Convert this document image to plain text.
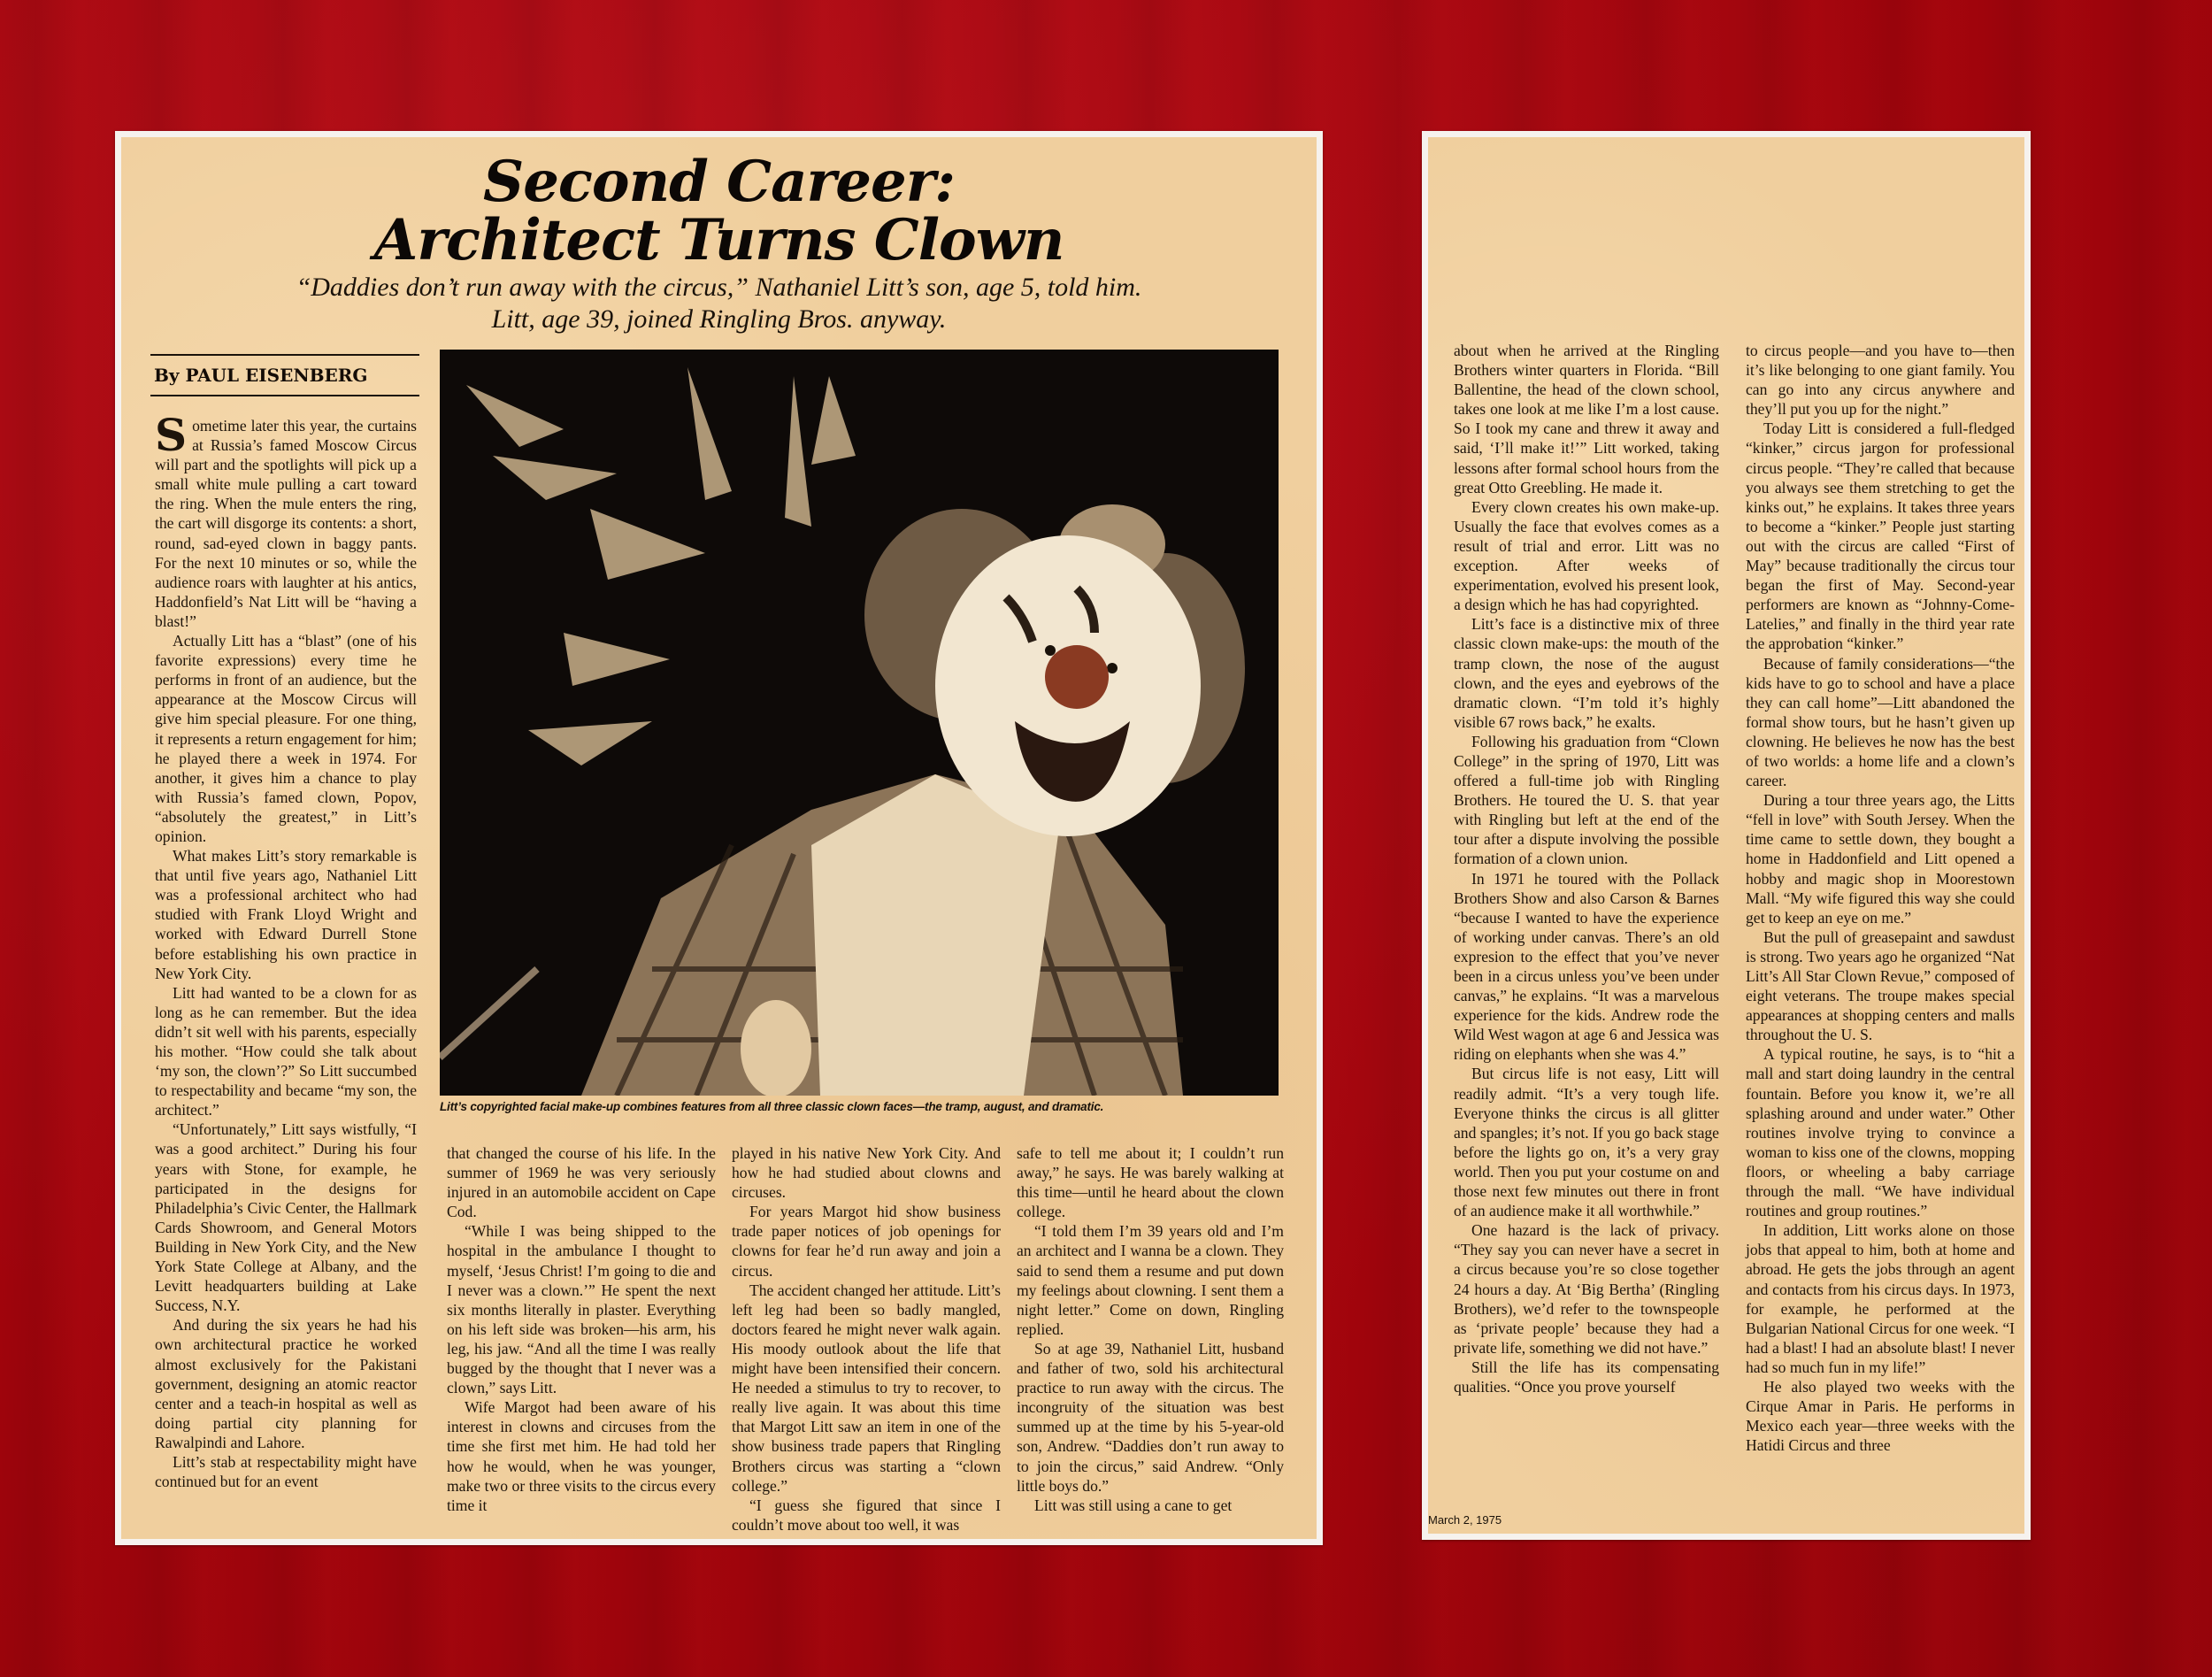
Second Career:
Architect Turns Clown
“Daddies don’t run away with the circus,” Nathaniel Litt’s son, age 5, told him.
Litt, age 39, joined Ringling Bros. anyway.
By PAUL EISENBERG

Sometime later this year, the curtains at Russia’s famed Moscow Circus will part and the spotlights will pick up a small white mule pulling a cart toward the ring. When the mule enters the ring, the cart will disgorge its contents: a short, round, sad-eyed clown in baggy pants. For the next 10 minutes or so, while the audience roars with laughter at his antics, Haddonfield’s Nat Litt will be “having a blast!”

Actually Litt has a “blast” (one of his favorite expressions) every time he performs in front of an audience, but the appearance at the Moscow Circus will give him special pleasure. For one thing, it represents a return engagement for him; he played there a week in 1974. For another, it gives him a chance to play with Russia’s famed clown, Popov, “absolutely the greatest,” in Litt’s opinion.

What makes Litt’s story remarkable is that until five years ago, Nathaniel Litt was a professional architect who had studied with Frank Lloyd Wright and worked with Edward Durrell Stone before establishing his own practice in New York City.

Litt had wanted to be a clown for as long as he can remember. But the idea didn’t sit well with his parents, especially his mother. “How could she talk about ‘my son, the clown’?” So Litt succumbed to respectability and became “my son, the architect.”

“Unfortunately,” Litt says wistfully, “I was a good architect.” During his four years with Stone, for example, he participated in the designs for Philadelphia’s Civic Center, the Hallmark Cards Showroom, and General Motors Building in New York City, and the New York State College at Albany, and the Levitt headquarters building at Lake Success, N.Y.

And during the six years he had his own architectural practice he worked almost exclusively for the Pakistani government, designing an atomic reactor center and a teach-in hospital as well as doing partial city planning for Rawalpindi and Lahore.

Litt’s stab at respectability might have continued but for an event

Litt’s copyrighted facial make-up combines features from all three classic clown faces—the tramp, august, and dramatic.

that changed the course of his life. In the summer of 1969 he was very seriously injured in an automobile accident on Cape Cod.

“While I was being shipped to the hospital in the ambulance I thought to myself, ‘Jesus Christ! I’m going to die and I never was a clown.’” He spent the next six months literally in plaster. Everything on his left side was broken—his arm, his leg, his jaw. “And all the time I was really bugged by the thought that I never was a clown,” says Litt.

Wife Margot had been aware of his interest in clowns and circuses from the time she first met him. He had told her how he would, when he was younger, make two or three visits to the circus every time it

played in his native New York City. And how he had studied about clowns and circuses.

For years Margot hid show business trade paper notices of job openings for clowns for fear he’d run away and join a circus.

The accident changed her attitude. Litt’s left leg had been so badly mangled, doctors feared he might never walk again. His moody outlook about the life that might have been intensified their concern. He needed a stimulus to try to recover, to really live again. It was about this time that Margot Litt saw an item in one of the show business trade papers that Ringling Brothers circus was starting a “clown college.”

“I guess she figured that since I couldn’t move about too well, it was

safe to tell me about it; I couldn’t run away,” he says. He was barely walking at this time—until he heard about the clown college.

“I told them I’m 39 years old and I’m an architect and I wanna be a clown. They said to send them a resume and put down my feelings about clowning. I sent them a night letter.” Come on down, Ringling replied.

So at age 39, Nathaniel Litt, husband and father of two, sold his architectural practice to run away with the circus. The incongruity of the situation was best summed up at the time by his 5-year-old son, Andrew. “Daddies don’t run away to to join the circus,” said Andrew. “Only little boys do.”

Litt was still using a cane to get

about when he arrived at the Ringling Brothers winter quarters in Florida. “Bill Ballentine, the head of the clown school, takes one look at me like I’m a lost cause. So I took my cane and threw it away and said, ‘I’ll make it!’” Litt worked, taking lessons after formal school hours from the great Otto Greebling. He made it.

Every clown creates his own make-up. Usually the face that evolves comes as a result of trial and error. Litt was no exception. After weeks of experimentation, evolved his present look, a design which he has had copyrighted.

Litt’s face is a distinctive mix of three classic clown make-ups: the mouth of the tramp clown, the nose of the august clown, and the eyes and eyebrows of the dramatic clown. “I’m told it’s highly visible 67 rows back,” he exalts.

Following his graduation from “Clown College” in the spring of 1970, Litt was offered a full-time job with Ringling Brothers. He toured the U. S. that year with Ringling but left at the end of the tour after a dispute involving the possible formation of a clown union.

In 1971 he toured with the Pollack Brothers Show and also Carson & Barnes “because I wanted to have the experience of working under canvas. There’s an old expresion to the effect that you’ve never been in a circus unless you’ve been under canvas,” he explains. “It was a marvelous experience for the kids. Andrew rode the Wild West wagon at age 6 and Jessica was riding on elephants when she was 4.”

But circus life is not easy, Litt will readily admit. “It’s a very tough life. Everyone thinks the circus is all glitter and spangles; it’s not. If you go back stage before the lights go on, it’s a very gray world. Then you put your costume on and those next few minutes out there in front of an audience make it all worthwhile.”

One hazard is the lack of privacy. “They say you can never have a secret in a circus because you’re so close together 24 hours a day. At ‘Big Bertha’ (Ringling Brothers), we’d refer to the townspeople as ‘private people’ because they had a private life, something we did not have.”

Still the life has its compensating qualities. “Once you prove yourself

to circus people—and you have to—then it’s like belonging to one giant family. You can go into any circus anywhere and they’ll put you up for the night.”

Today Litt is considered a full-fledged “kinker,” circus jargon for professional circus people. “They’re called that because you always see them stretching to get the kinks out,” he explains. It takes three years to become a “kinker.” People just starting out with the circus are called “First of May” because traditionally the circus tour began the first of May. Second-year performers are known as “Johnny-Come-Latelies,” and finally in the third year rate the approbation “kinker.”

Because of family considerations—“the kids have to go to school and have a place they can call home”—Litt abandoned the formal show tours, but he hasn’t given up clowning. He believes he now has the best of two worlds: a home life and a clown’s career.

During a tour three years ago, the Litts “fell in love” with South Jersey. When the time came to settle down, they bought a home in Haddonfield and Litt opened a hobby and magic shop in Moorestown Mall. “My wife figured this way she could get to keep an eye on me.”

But the pull of greasepaint and sawdust is strong. Two years ago he organized “Nat Litt’s All Star Clown Revue,” composed of eight veterans. The troupe makes special appearances at shopping centers and malls throughout the U. S.

A typical routine, he says, is to “hit a mall and start doing laundry in the central fountain. Before you know it, we’re all splashing around and under water.” Other routines involve trying to convince a woman to kiss one of the clowns, mopping floors, or wheeling a baby carriage through the mall. “We have individual routines and group routines.”

In addition, Litt works alone on those jobs that appeal to him, both at home and abroad. He gets the jobs through an agent and contacts from his circus days. In 1973, for example, he performed at the Bulgarian National Circus for one week. “I had a blast! I had an absolute blast! I never had so much fun in my life!”

He also played two weeks with the Cirque Amar in Paris. He performs in Mexico each year—three weeks with the Hatidi Circus and three

March 2, 1975
